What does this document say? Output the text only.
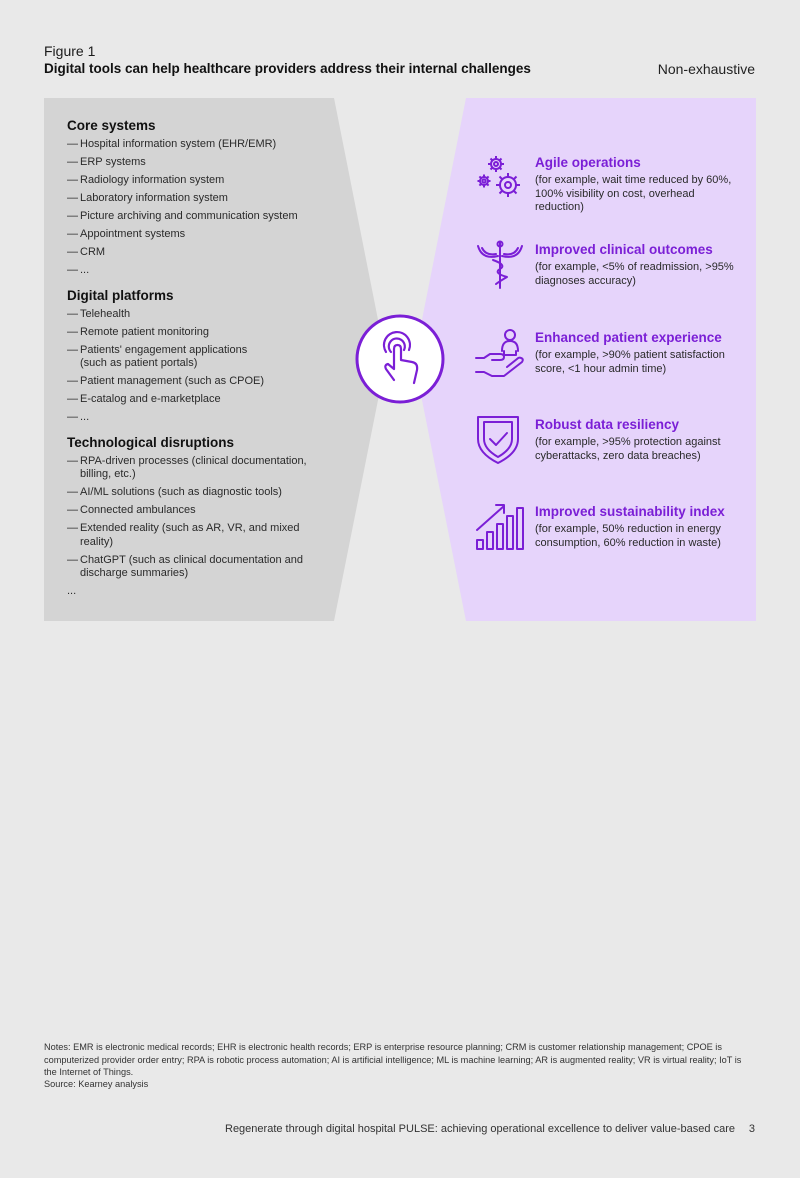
Figure 1
Digital tools can help healthcare providers address their internal challenges	Non-exhaustive
Core systems
— Hospital information system (EHR/EMR)
— ERP systems
— Radiology information system
— Laboratory information system
— Picture archiving and communication system
— Appointment systems
— CRM
— ...
Digital platforms
— Telehealth
— Remote patient monitoring
— Patients' engagement applications (such as patient portals)
— Patient management (such as CPOE)
— E-catalog and e-marketplace
— ...
Technological disruptions
— RPA-driven processes (clinical documentation, billing, etc.)
— AI/ML solutions (such as diagnostic tools)
— Connected ambulances
— Extended reality (such as AR, VR, and mixed reality)
— ChatGPT (such as clinical documentation and discharge summaries)
...
Agile operations
(for example, wait time reduced by 60%, 100% visibility on cost, overhead reduction)
Improved clinical outcomes
(for example, <5% of readmission, >95% diagnoses accuracy)
Enhanced patient experience
(for example, >90% patient satisfaction score, <1 hour admin time)
Robust data resiliency
(for example, >95% protection against cyberattacks, zero data breaches)
Improved sustainability index
(for example, 50% reduction in energy consumption, 60% reduction in waste)
Notes: EMR is electronic medical records; EHR is electronic health records; ERP is enterprise resource planning; CRM is customer relationship management; CPOE is computerized provider order entry; RPA is robotic process automation; AI is artificial intelligence; ML is machine learning; AR is augmented reality; VR is virtual reality; IoT is the Internet of Things.
Source: Kearney analysis
Regenerate through digital hospital PULSE: achieving operational excellence to deliver value-based care 3
